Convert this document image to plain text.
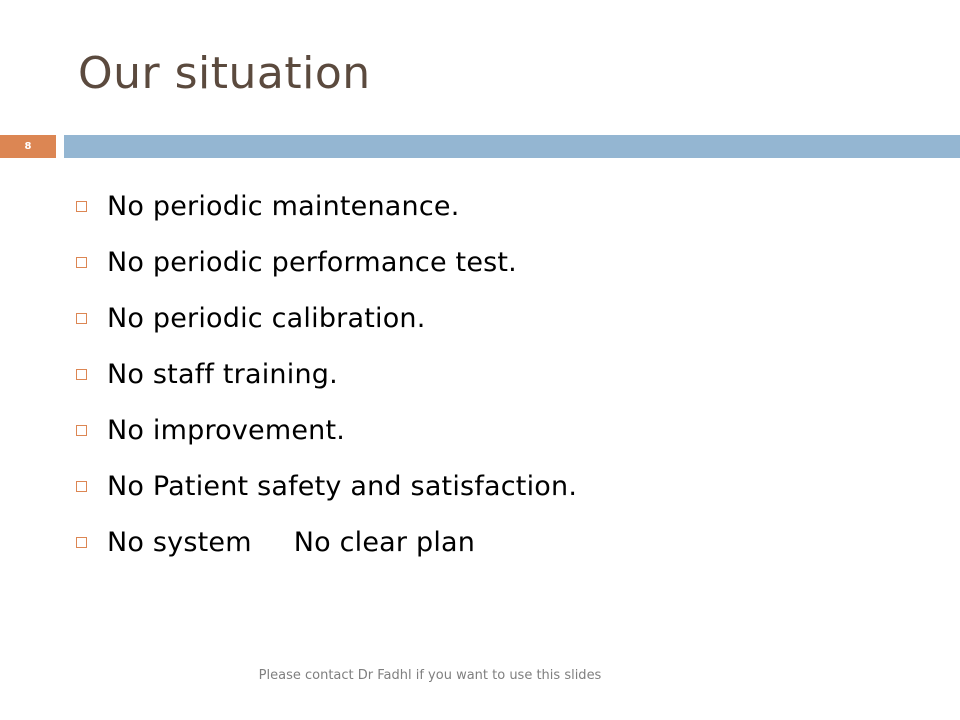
Our situation
8
No periodic maintenance.
No periodic performance test.
No periodic calibration.
No staff training.
No improvement.
No Patient safety and satisfaction.
No system No clear plan
Please contact Dr Fadhl if you want to use this slides
